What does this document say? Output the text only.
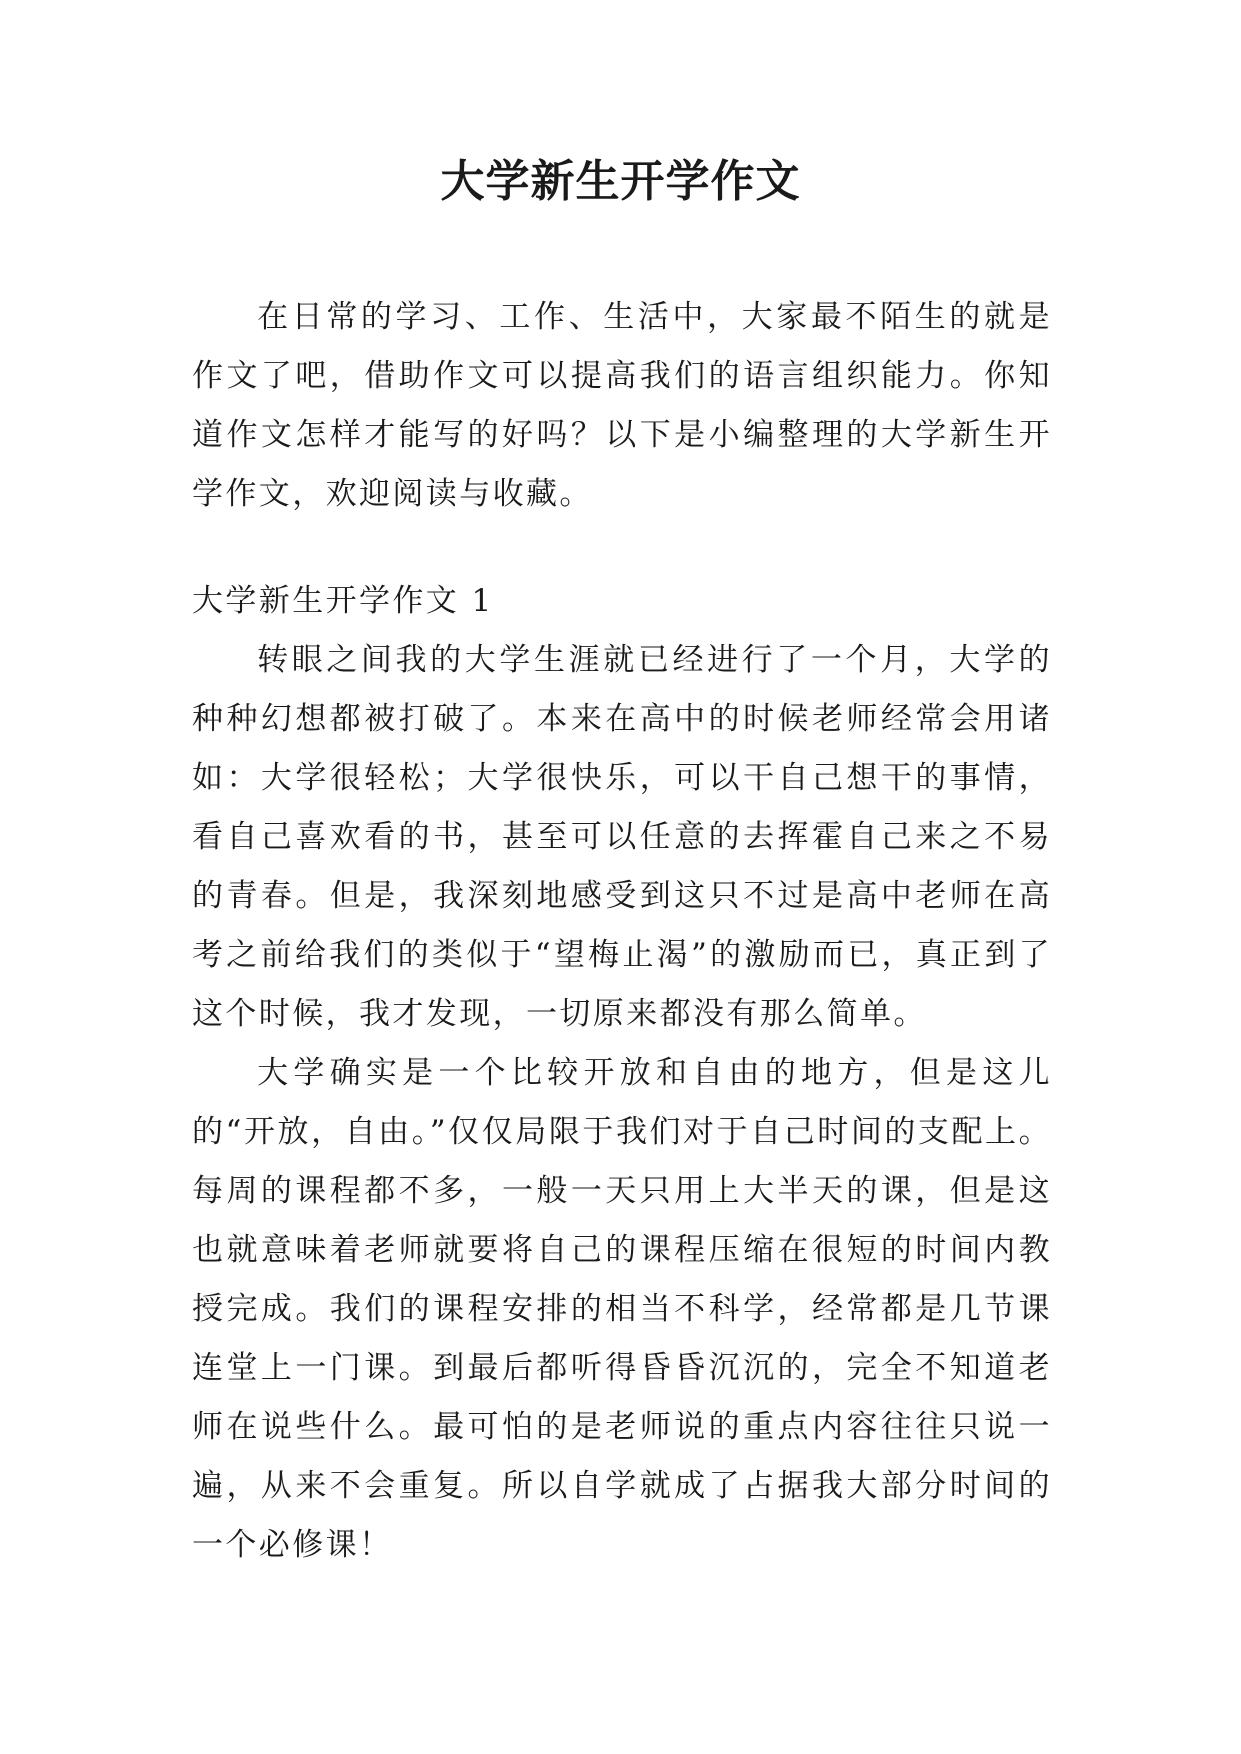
大学新生开学作文

在日常的学习、工作、生活中，大家最不陌生的就是作文了吧，借助作文可以提高我们的语言组织能力。你知道作文怎样才能写的好吗？以下是小编整理的大学新生开学作文，欢迎阅读与收藏。

大学新生开学作文 1

转眼之间我的大学生涯就已经进行了一个月，大学的种种幻想都被打破了。本来在高中的时候老师经常会用诸如：大学很轻松；大学很快乐，可以干自己想干的事情，看自己喜欢看的书，甚至可以任意的去挥霍自己来之不易的青春。但是，我深刻地感受到这只不过是高中老师在高考之前给我们的类似于“望梅止渴”的激励而已，真正到了这个时候，我才发现，一切原来都没有那么简单。

大学确实是一个比较开放和自由的地方，但是这儿的“开放，自由。”仅仅局限于我们对于自己时间的支配上。每周的课程都不多，一般一天只用上大半天的课，但是这也就意味着老师就要将自己的课程压缩在很短的时间内教授完成。我们的课程安排的相当不科学，经常都是几节课连堂上一门课。到最后都听得昏昏沉沉的，完全不知道老师在说些什么。最可怕的是老师说的重点内容往往只说一遍，从来不会重复。所以自学就成了占据我大部分时间的一个必修课！
